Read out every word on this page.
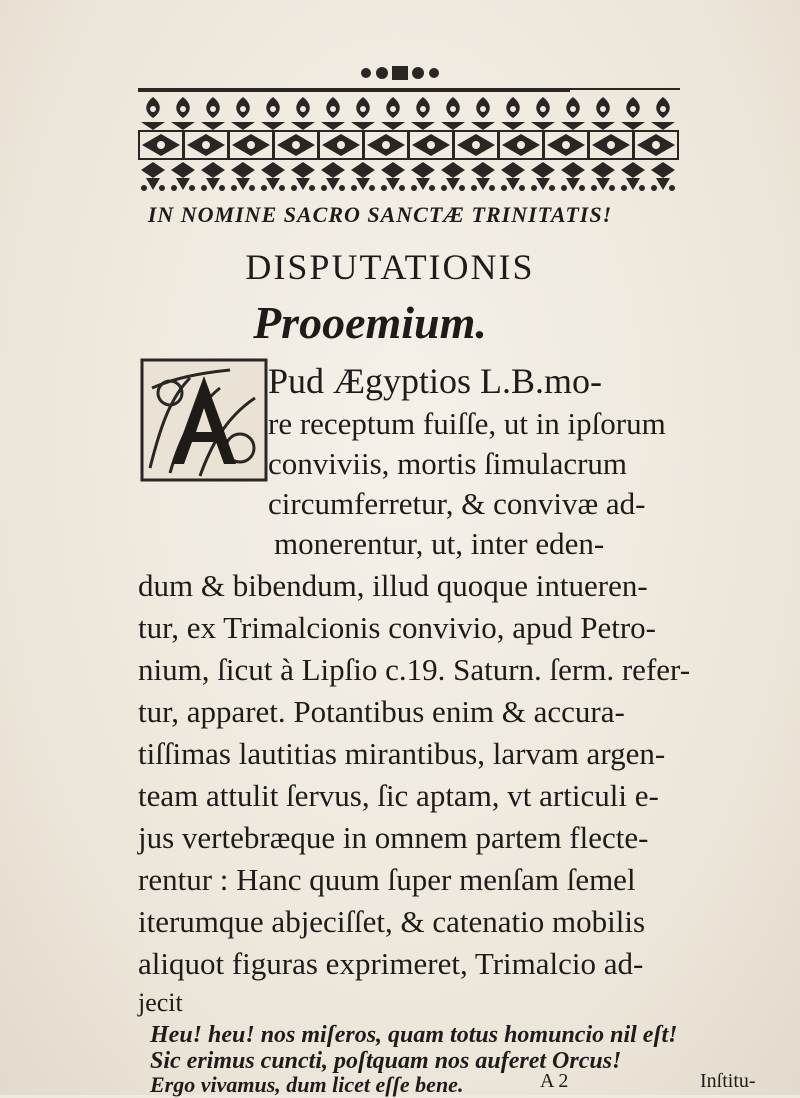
IN NOMINE SACRO SANCTÆ TRINITATIS!
DISPUTATIONIS
Prooemium.

Pud Ægyptios L.B.mo-

re receptum fuiſſe, ut in ipſorum

conviviis, mortis ſimulacrum

circumferretur, & convivæ ad-

monerentur, ut, inter eden-

dum & bibendum, illud quoque intueren-

tur, ex Trimalcionis convivio, apud Petro-

nium, ſicut à Lipſio c.19. Saturn. ſerm. refer-

tur, apparet. Potantibus enim & accura-

tiſſimas lautitias mirantibus, larvam argen-

team attulit ſervus, ſic aptam, vt articuli e-

jus vertebræque in omnem partem flecte-

rentur : Hanc quum ſuper menſam ſemel

iterumque abjeciſſet, & catenatio mobilis

aliquot figuras exprimeret, Trimalcio ad-

jecit

Heu! heu! nos miſeros, quam totus homuncio nil eſt!

Sic erimus cuncti, poſtquam nos auferet Orcus!

Ergo vivamus, dum licet eſſe bene.	A 2	Inſtitu-
